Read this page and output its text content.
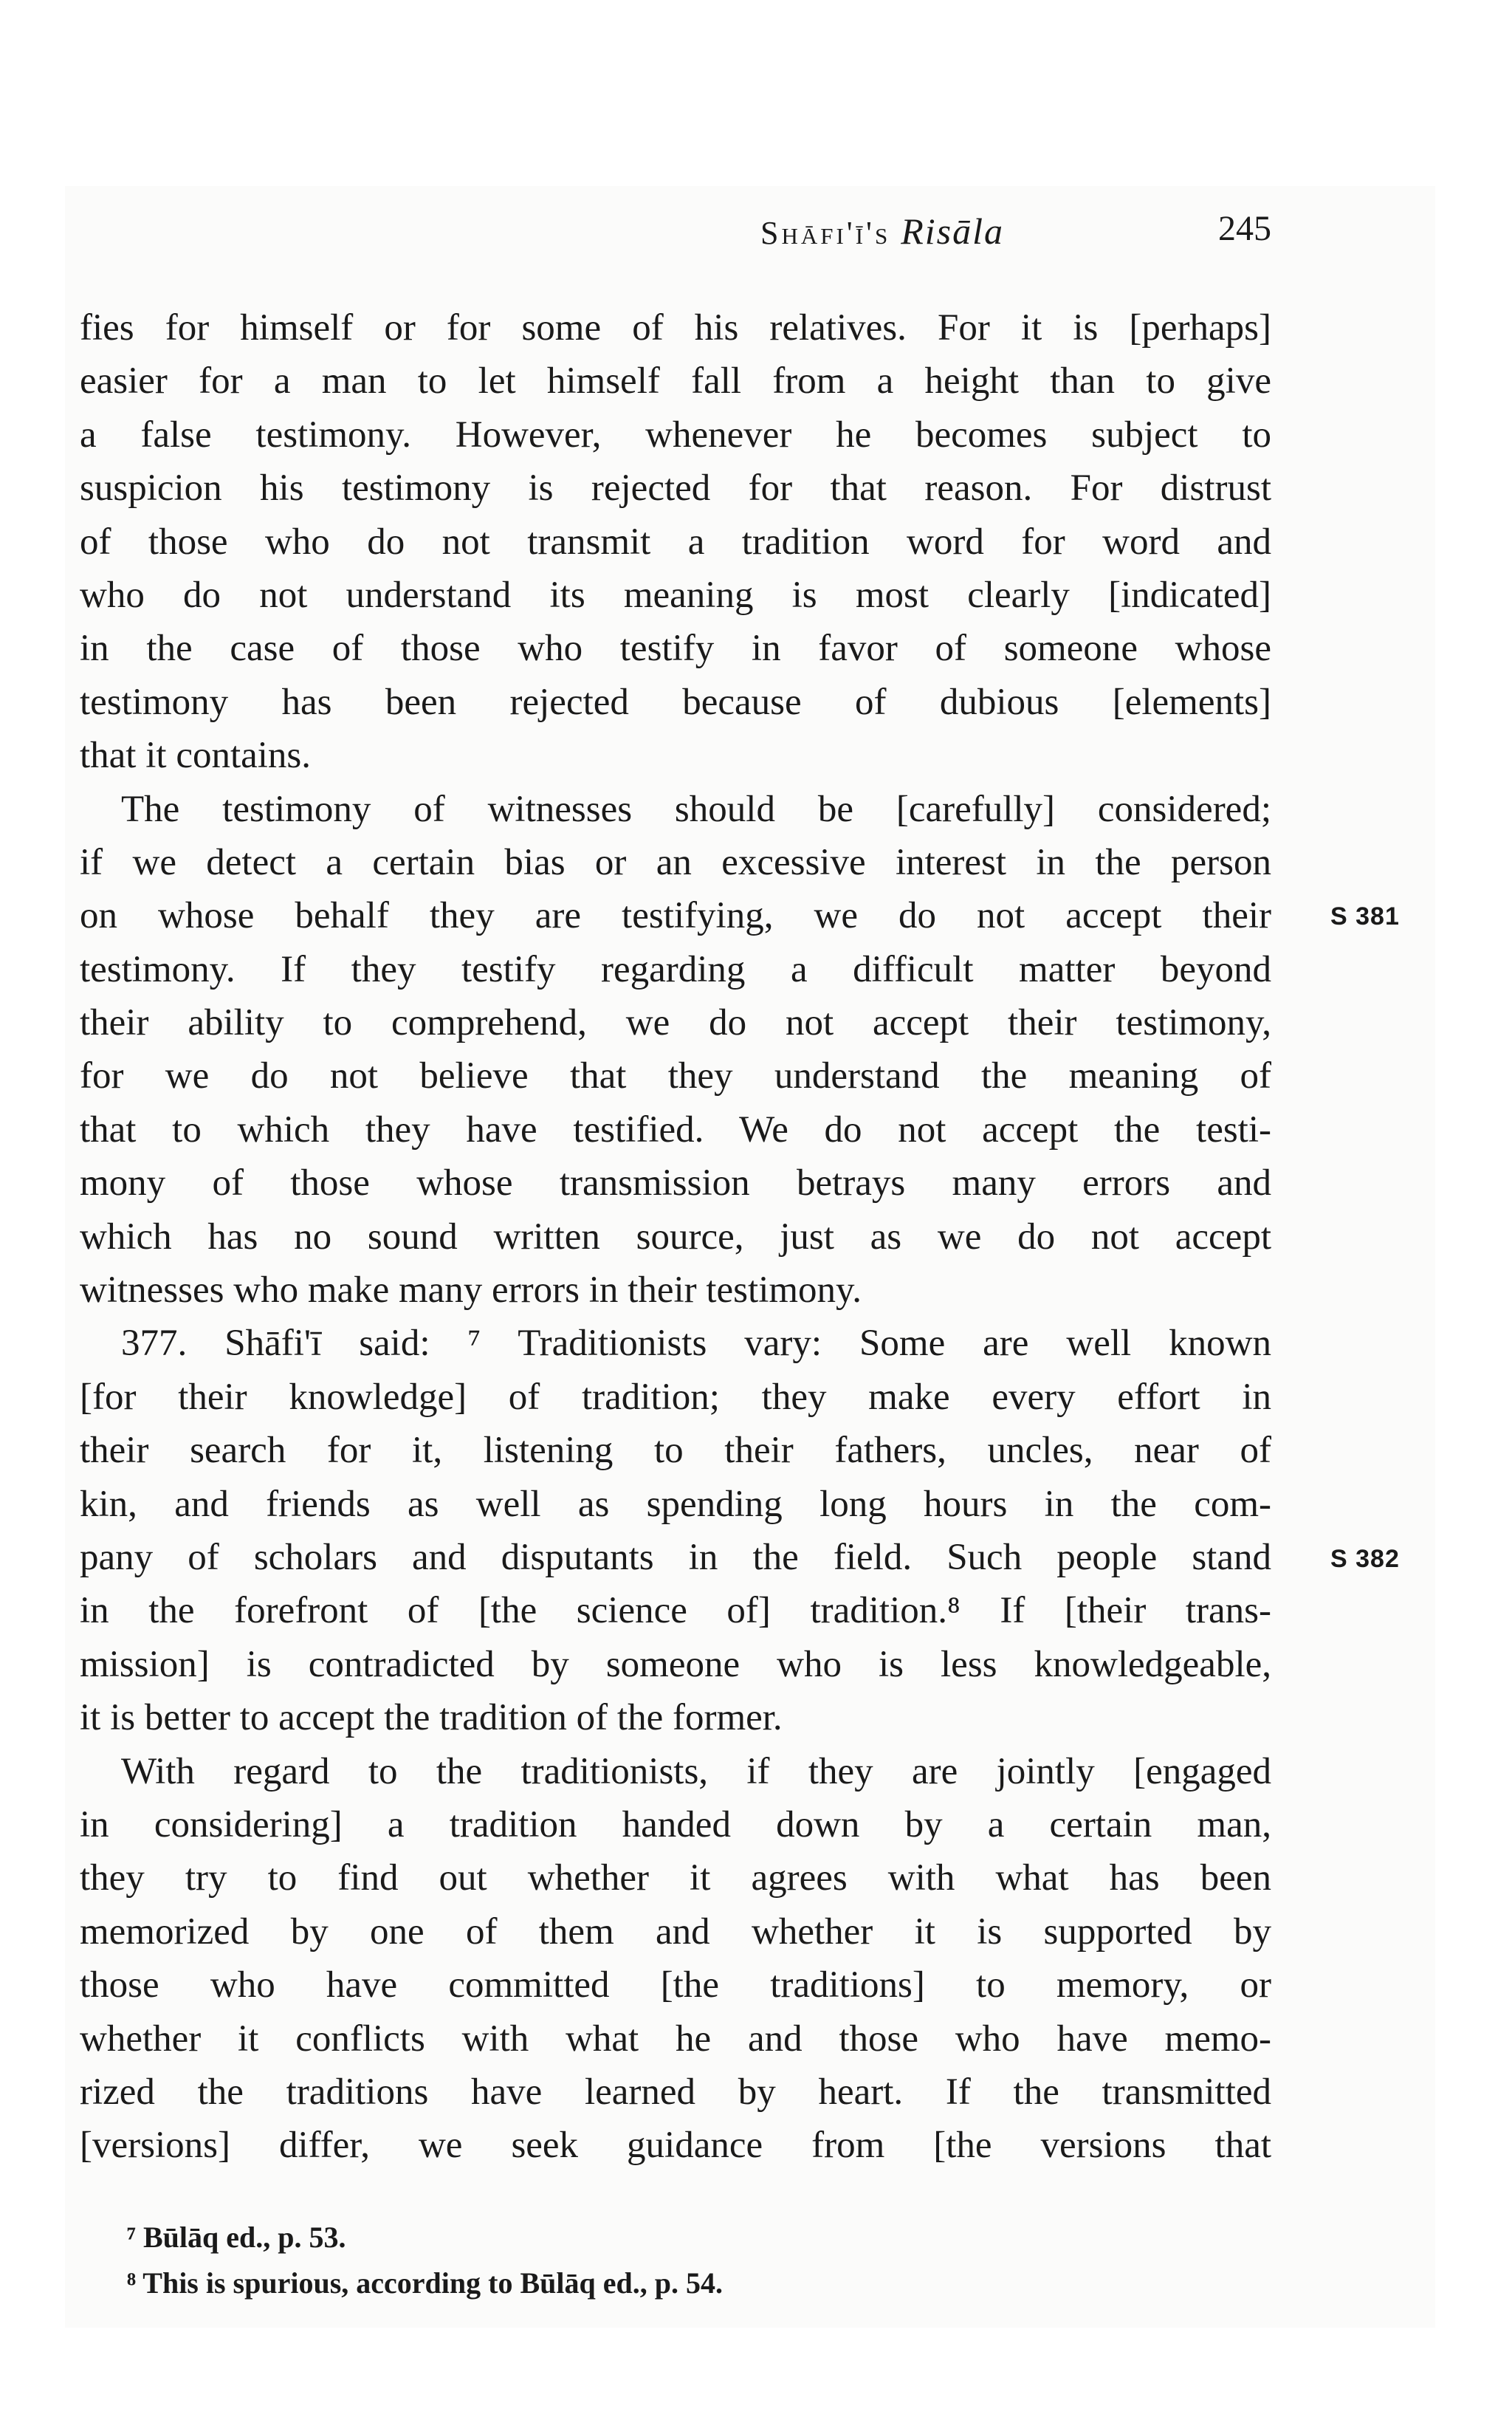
Shāfi'ī's Risāla	245
fies for himself or for some of his relatives. For it is [perhaps]
easier for a man to let himself fall from a height than to give
a false testimony. However, whenever he becomes subject to
suspicion his testimony is rejected for that reason. For distrust
of those who do not transmit a tradition word for word and
who do not understand its meaning is most clearly [indicated]
in the case of those who testify in favor of someone whose
testimony has been rejected because of dubious [elements]
that it contains.
The testimony of witnesses should be [carefully] considered;
if we detect a certain bias or an excessive interest in the person
on whose behalf they are testifying, we do not accept their
testimony. If they testify regarding a difficult matter beyond
their ability to comprehend, we do not accept their testimony,
for we do not believe that they understand the meaning of
that to which they have testified. We do not accept the testi-
mony of those whose transmission betrays many errors and
which has no sound written source, just as we do not accept
witnesses who make many errors in their testimony.
377. Shāfi'ī said: ⁷ Traditionists vary: Some are well known
[for their knowledge] of tradition; they make every effort in
their search for it, listening to their fathers, uncles, near of
kin, and friends as well as spending long hours in the com-
pany of scholars and disputants in the field. Such people stand
in the forefront of [the science of] tradition.⁸ If [their trans-
mission] is contradicted by someone who is less knowledgeable,
it is better to accept the tradition of the former.
With regard to the traditionists, if they are jointly [engaged
in considering] a tradition handed down by a certain man,
they try to find out whether it agrees with what has been
memorized by one of them and whether it is supported by
those who have committed [the traditions] to memory, or
whether it conflicts with what he and those who have memo-
rized the traditions have learned by heart. If the transmitted
[versions] differ, we seek guidance from [the versions that
S 381
S 382
⁷ Būlāq ed., p. 53.
⁸ This is spurious, according to Būlāq ed., p. 54.
